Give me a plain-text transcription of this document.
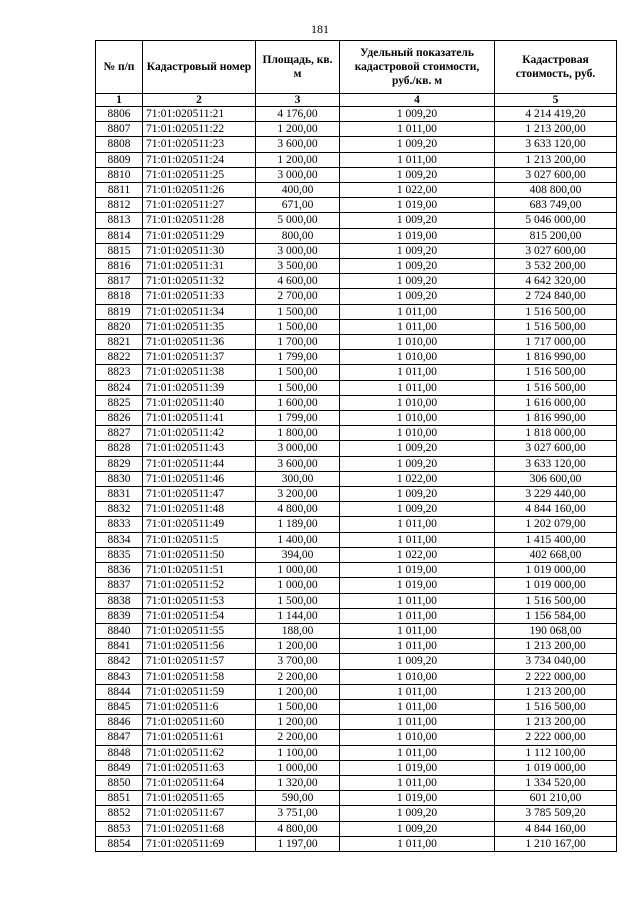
181
№ п/п	Кадастровый номер	Площадь, кв. м	Удельный показатель кадастровой стоимости, руб./кв. м	Кадастровая стоимость, руб.
1	2	3	4	5
8806	71:01:020511:21	4 176,00	1 009,20	4 214 419,20
8807	71:01:020511:22	1 200,00	1 011,00	1 213 200,00
8808	71:01:020511:23	3 600,00	1 009,20	3 633 120,00
8809	71:01:020511:24	1 200,00	1 011,00	1 213 200,00
8810	71:01:020511:25	3 000,00	1 009,20	3 027 600,00
8811	71:01:020511:26	400,00	1 022,00	408 800,00
8812	71:01:020511:27	671,00	1 019,00	683 749,00
8813	71:01:020511:28	5 000,00	1 009,20	5 046 000,00
8814	71:01:020511:29	800,00	1 019,00	815 200,00
8815	71:01:020511:30	3 000,00	1 009,20	3 027 600,00
8816	71:01:020511:31	3 500,00	1 009,20	3 532 200,00
8817	71:01:020511:32	4 600,00	1 009,20	4 642 320,00
8818	71:01:020511:33	2 700,00	1 009,20	2 724 840,00
8819	71:01:020511:34	1 500,00	1 011,00	1 516 500,00
8820	71:01:020511:35	1 500,00	1 011,00	1 516 500,00
8821	71:01:020511:36	1 700,00	1 010,00	1 717 000,00
8822	71:01:020511:37	1 799,00	1 010,00	1 816 990,00
8823	71:01:020511:38	1 500,00	1 011,00	1 516 500,00
8824	71:01:020511:39	1 500,00	1 011,00	1 516 500,00
8825	71:01:020511:40	1 600,00	1 010,00	1 616 000,00
8826	71:01:020511:41	1 799,00	1 010,00	1 816 990,00
8827	71:01:020511:42	1 800,00	1 010,00	1 818 000,00
8828	71:01:020511:43	3 000,00	1 009,20	3 027 600,00
8829	71:01:020511:44	3 600,00	1 009,20	3 633 120,00
8830	71:01:020511:46	300,00	1 022,00	306 600,00
8831	71:01:020511:47	3 200,00	1 009,20	3 229 440,00
8832	71:01:020511:48	4 800,00	1 009,20	4 844 160,00
8833	71:01:020511:49	1 189,00	1 011,00	1 202 079,00
8834	71:01:020511:5	1 400,00	1 011,00	1 415 400,00
8835	71:01:020511:50	394,00	1 022,00	402 668,00
8836	71:01:020511:51	1 000,00	1 019,00	1 019 000,00
8837	71:01:020511:52	1 000,00	1 019,00	1 019 000,00
8838	71:01:020511:53	1 500,00	1 011,00	1 516 500,00
8839	71:01:020511:54	1 144,00	1 011,00	1 156 584,00
8840	71:01:020511:55	188,00	1 011,00	190 068,00
8841	71:01:020511:56	1 200,00	1 011,00	1 213 200,00
8842	71:01:020511:57	3 700,00	1 009,20	3 734 040,00
8843	71:01:020511:58	2 200,00	1 010,00	2 222 000,00
8844	71:01:020511:59	1 200,00	1 011,00	1 213 200,00
8845	71:01:020511:6	1 500,00	1 011,00	1 516 500,00
8846	71:01:020511:60	1 200,00	1 011,00	1 213 200,00
8847	71:01:020511:61	2 200,00	1 010,00	2 222 000,00
8848	71:01:020511:62	1 100,00	1 011,00	1 112 100,00
8849	71:01:020511:63	1 000,00	1 019,00	1 019 000,00
8850	71:01:020511:64	1 320,00	1 011,00	1 334 520,00
8851	71:01:020511:65	590,00	1 019,00	601 210,00
8852	71:01:020511:67	3 751,00	1 009,20	3 785 509,20
8853	71:01:020511:68	4 800,00	1 009,20	4 844 160,00
8854	71:01:020511:69	1 197,00	1 011,00	1 210 167,00
